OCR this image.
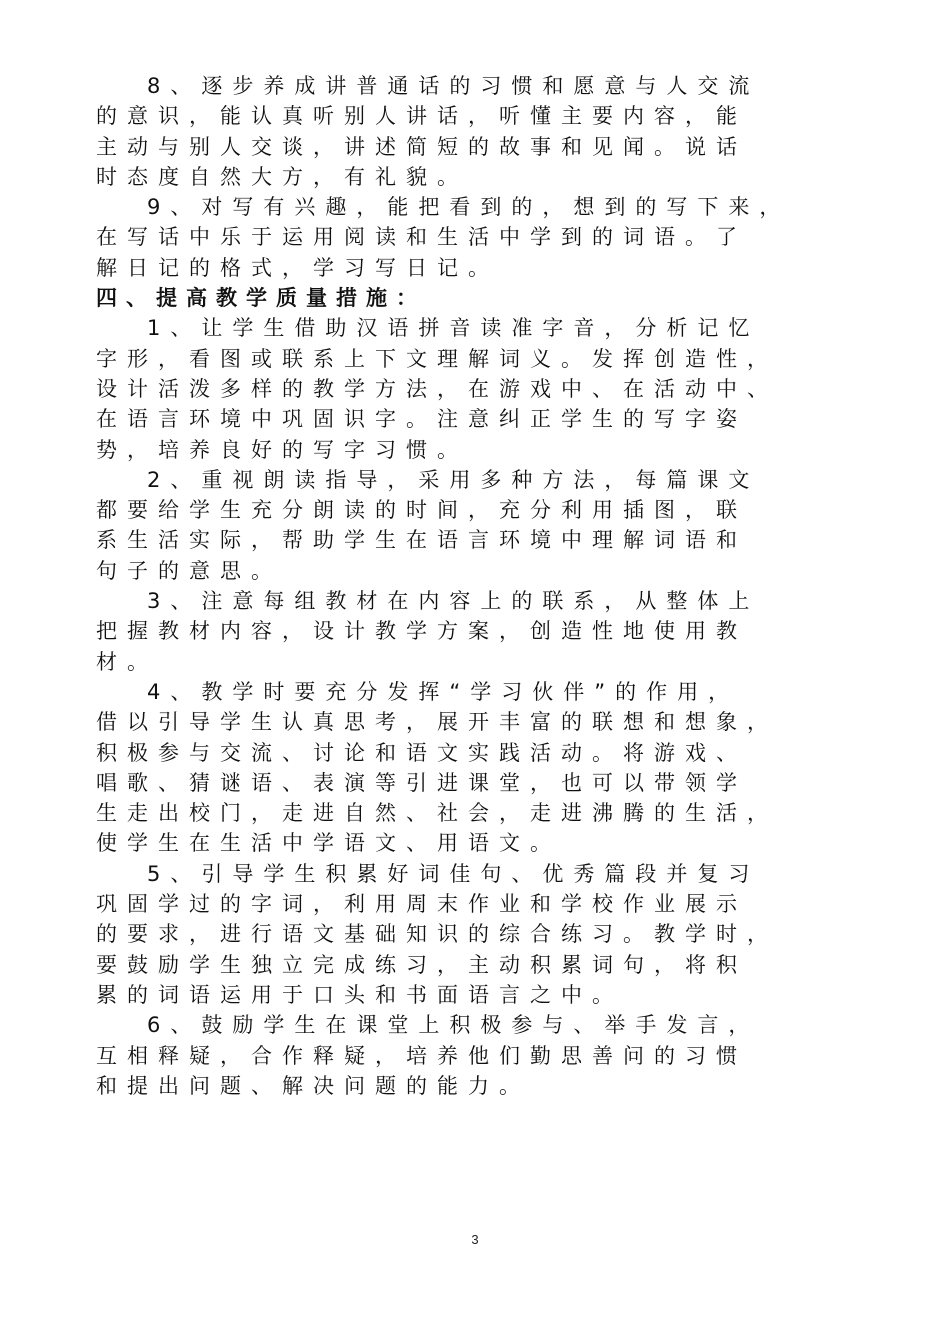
8、逐步养成讲普通话的习惯和愿意与人交流
的意识，能认真听别人讲话，听懂主要内容，能
主动与别人交谈，讲述简短的故事和见闻。说话
时态度自然大方，有礼貌。
9、对写有兴趣，能把看到的，想到的写下来，
在写话中乐于运用阅读和生活中学到的词语。了
解日记的格式，学习写日记。
四、提高教学质量措施：
1、让学生借助汉语拼音读准字音，分析记忆
字形，看图或联系上下文理解词义。发挥创造性，
设计活泼多样的教学方法，在游戏中、在活动中、
在语言环境中巩固识字。注意纠正学生的写字姿
势，培养良好的写字习惯。
2、重视朗读指导，采用多种方法，每篇课文
都要给学生充分朗读的时间，充分利用插图，联
系生活实际，帮助学生在语言环境中理解词语和
句子的意思。
3、注意每组教材在内容上的联系，从整体上
把握教材内容，设计教学方案，创造性地使用教
材。
4、教学时要充分发挥“学习伙伴”的作用，
借以引导学生认真思考，展开丰富的联想和想象，
积极参与交流、讨论和语文实践活动。将游戏、
唱歌、猜谜语、表演等引进课堂，也可以带领学
生走出校门，走进自然、社会，走进沸腾的生活，
使学生在生活中学语文、用语文。
5、引导学生积累好词佳句、优秀篇段并复习
巩固学过的字词，利用周末作业和学校作业展示
的要求，进行语文基础知识的综合练习。教学时，
要鼓励学生独立完成练习，主动积累词句，将积
累的词语运用于口头和书面语言之中。
6、鼓励学生在课堂上积极参与、举手发言，
互相释疑，合作释疑，培养他们勤思善问的习惯
和提出问题、解决问题的能力。
3
